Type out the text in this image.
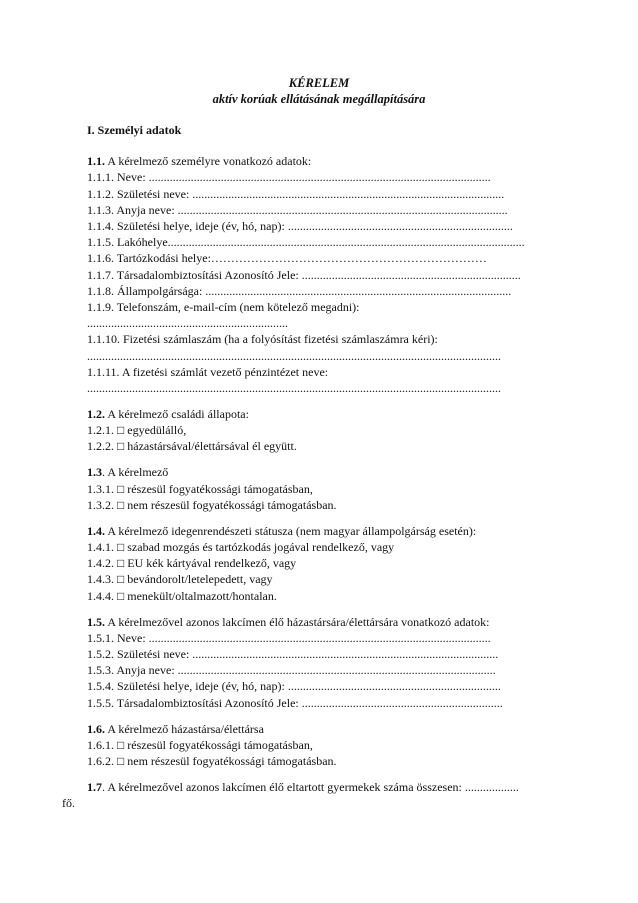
KÉRELEM
aktív korúak ellátásának megállapítására
I. Személyi adatok
1.1. A kérelmező személyre vonatkozó adatok:
1.1.1. Neve: ..................................................................................................................
1.1.2. Születési neve: ........................................................................................................
1.1.3. Anyja neve: ..............................................................................................................
1.1.4. Születési helye, ideje (év, hó, nap): ...........................................................................
1.1.5. Lakóhelye.......................................................................................................................
1.1.6. Tartózkodási helye:……………………………………………………………
1.1.7. Társadalombiztosítási Azonosító Jele: .........................................................................
1.1.8. Állampolgársága: ......................................................................................................
1.1.9. Telefonszám, e-mail-cím (nem kötelező megadni):
...................................................................
1.1.10. Fizetési számlaszám (ha a folyósítást fizetési számlaszámra kéri):
..........................................................................................................................................
1.1.11. A fizetési számlát vezető pénzintézet neve:
..........................................................................................................................................
1.2. A kérelmező családi állapota:
1.2.1. □ egyedülálló,
1.2.2. □ házastársával/élettársával él együtt.
1.3. A kérelmező
1.3.1. □ részesül fogyatékossági támogatásban,
1.3.2. □ nem részesül fogyatékossági támogatásban.
1.4. A kérelmező idegenrendészeti státusza (nem magyar állampolgárság esetén):
1.4.1. □ szabad mozgás és tartózkodás jogával rendelkező, vagy
1.4.2. □ EU kék kártyával rendelkező, vagy
1.4.3. □ bevándorolt/letelepedett, vagy
1.4.4. □ menekült/oltalmazott/hontalan.
1.5. A kérelmezővel azonos lakcímen élő házastársára/élettársára vonatkozó adatok:
1.5.1. Neve: ..................................................................................................................
1.5.2. Születési neve: ......................................................................................................
1.5.3. Anyja neve: ..........................................................................................................
1.5.4. Születési helye, ideje (év, hó, nap): .......................................................................
1.5.5. Társadalombiztosítási Azonosító Jele: ...................................................................
1.6. A kérelmező házastársa/élettársa
1.6.1. □ részesül fogyatékossági támogatásban,
1.6.2. □ nem részesül fogyatékossági támogatásban.
1.7. A kérelmezővel azonos lakcímen élő eltartott gyermekek száma összesen: ..................
fő.
